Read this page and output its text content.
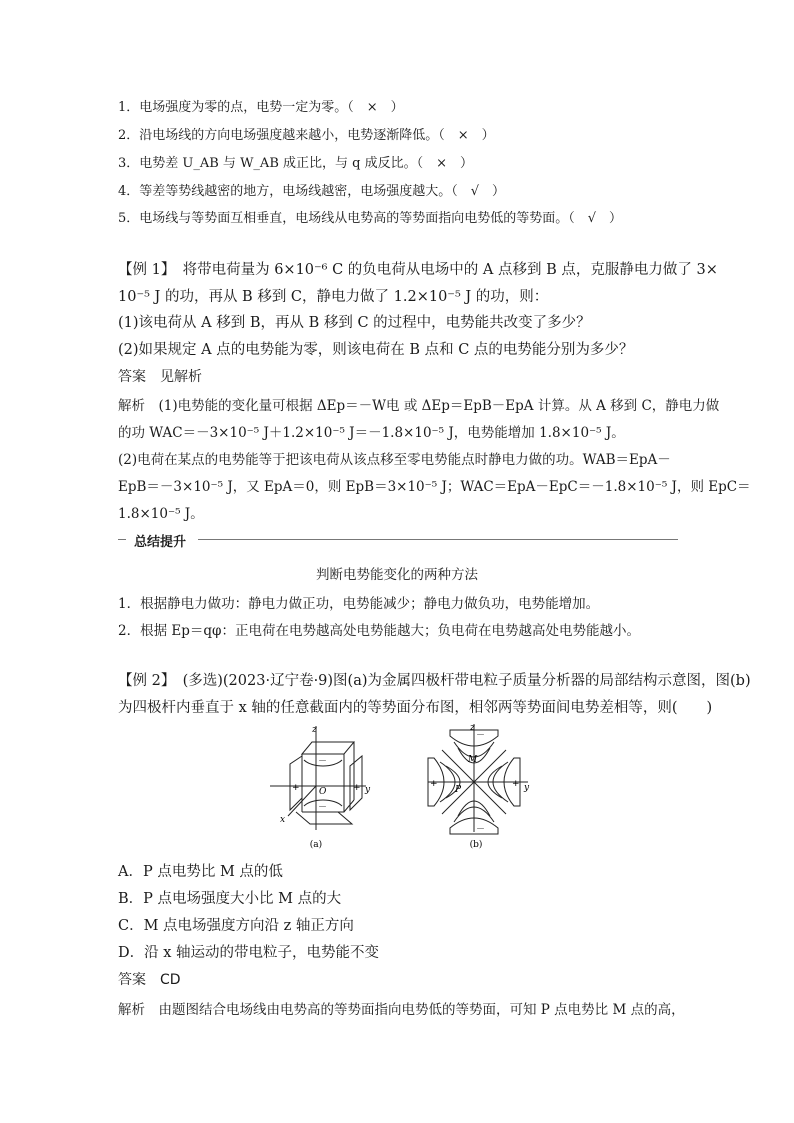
1．电场强度为零的点，电势一定为零。（　×　）
2．沿电场线的方向电场强度越来越小，电势逐渐降低。（　×　）
3．电势差 U_AB 与 W_AB 成正比，与 q 成反比。（　×　）
4．等差等势线越密的地方，电场线越密，电场强度越大。（　√　）
5．电场线与等势面互相垂直，电场线从电势高的等势面指向电势低的等势面。（　√　）
【例 1】　将带电荷量为 6×10⁻⁶ C 的负电荷从电场中的 A 点移到 B 点，克服静电力做了 3×
10⁻⁵ J 的功，再从 B 移到 C，静电力做了 1.2×10⁻⁵ J 的功，则：
(1)该电荷从 A 移到 B，再从 B 移到 C 的过程中，电势能共改变了多少？
(2)如果规定 A 点的电势能为零，则该电荷在 B 点和 C 点的电势能分别为多少？
答案　见解析
解析　(1)电势能的变化量可根据 ΔEp＝－W电 或 ΔEp＝EpB－EpA 计算。从 A 移到 C，静电力做
的功 WAC＝－3×10⁻⁵ J＋1.2×10⁻⁵ J＝－1.8×10⁻⁵ J，电势能增加 1.8×10⁻⁵ J。
(2)电荷在某点的电势能等于把该电荷从该点移至零电势能点时静电力做的功。WAB＝EpA－
EpB＝－3×10⁻⁵ J，又 EpA＝0，则 EpB＝3×10⁻⁵ J；WAC＝EpA－EpC＝－1.8×10⁻⁵ J，则 EpC＝
1.8×10⁻⁵ J。
总结提升
判断电势能变化的两种方法
1．根据静电力做功：静电力做正功，电势能减少；静电力做负功，电势能增加。
2．根据 Ep＝qφ：正电荷在电势越高处电势能越大；负电荷在电势越高处电势能越小。
【例 2】　(多选)(2023·辽宁卷·9)图(a)为金属四极杆带电粒子质量分析器的局部结构示意图，图(b)
为四极杆内垂直于 x 轴的任意截面内的等势面分布图，相邻两等势面间电势差相等，则(　　)
z
y
x
O
+	+
－
－
(a)
z
y
M
P
+	+
－
－
(b)
A．P 点电势比 M 点的低
B．P 点电场强度大小比 M 点的大
C．M 点电场强度方向沿 z 轴正方向
D．沿 x 轴运动的带电粒子，电势能不变
答案　CD
解析　由题图结合电场线由电势高的等势面指向电势低的等势面，可知 P 点电势比 M 点的高，
